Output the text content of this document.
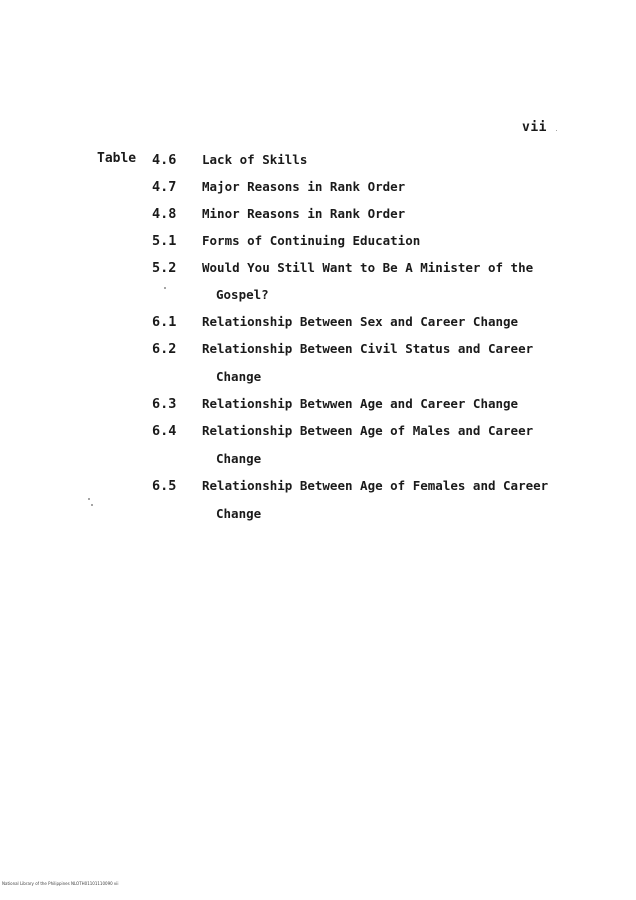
vii
Table 4.6 Lack of Skills
4.7 Major Reasons in Rank Order
4.8 Minor Reasons in Rank Order
5.1 Forms of Continuing Education
5.2 Would You Still Want to Be A Minister of the
Gospel?
6.1 Relationship Between Sex and Career Change
6.2 Relationship Between Civil Status and Career
Change
6.3 Relationship Betwwen Age and Career Change
6.4 Relationship Between Age of Males and Career
Change
6.5 Relationship Between Age of Females and Career
Change
National Library of the Philippines NLOTH01101110090 vii
